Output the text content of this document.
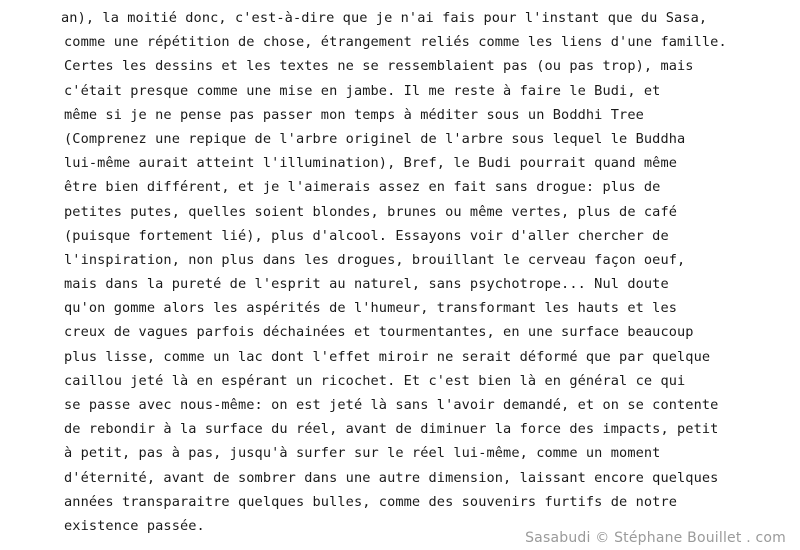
an), la moitié donc, c'est-à-dire que je n'ai fais pour l'instant que du Sasa,
comme une répétition de chose, étrangement reliés comme les liens d'une famille.
Certes les dessins et les textes ne se ressemblaient pas (ou pas trop), mais
c'était presque comme une mise en jambe. Il me reste à faire le Budi, et
même si je ne pense pas passer mon temps à méditer sous un Boddhi Tree
(Comprenez une repique de l'arbre originel de l'arbre sous lequel le Buddha
lui-même aurait atteint l'illumination), Bref, le Budi pourrait quand même
être bien différent, et je l'aimerais assez en fait sans drogue: plus de
petites putes, quelles soient blondes, brunes ou même vertes, plus de café
(puisque fortement lié), plus d'alcool. Essayons voir d'aller chercher de
l'inspiration, non plus dans les drogues, brouillant le cerveau façon oeuf,
mais dans la pureté de l'esprit au naturel, sans psychotrope... Nul doute
qu'on gomme alors les aspérités de l'humeur, transformant les hauts et les
creux de vagues parfois déchainées et tourmentantes, en une surface beaucoup
plus lisse, comme un lac dont l'effet miroir ne serait déformé que par quelque
caillou jeté là en espérant un ricochet. Et c'est bien là en général ce qui
se passe avec nous-même: on est jeté là sans l'avoir demandé, et on se contente
de rebondir à la surface du réel, avant de diminuer la force des impacts, petit
à petit, pas à pas, jusqu'à surfer sur le réel lui-même, comme un moment
d'éternité, avant de sombrer dans une autre dimension, laissant encore quelques
années transparaitre quelques bulles, comme des souvenirs furtifs de notre
existence passée.
Sasabudi © Stéphane Bouillet . com
